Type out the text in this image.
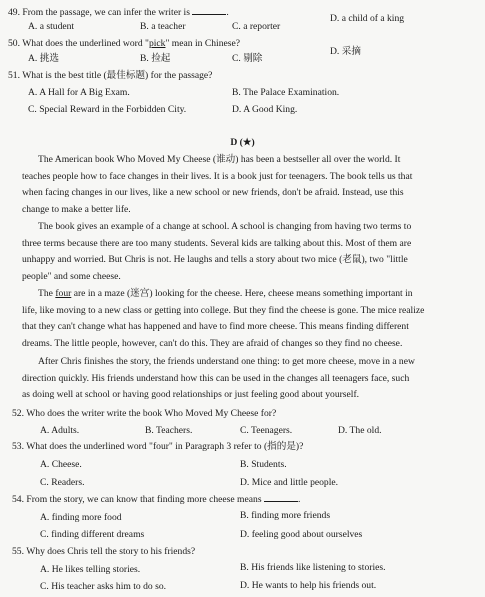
49. From the passage, we can infer the writer is	.
A. a student	B. a teacher	C. a reporter
D. a child of a king
50. What does the underlined word "pick" mean in Chinese?
A. 挑选	B. 捡起	C. 剔除
D. 采摘
51. What is the best title (最佳标题) for the passage?
A. A Hall for A Big Exam.	B. The Palace Examination.
C. Special Reward in the Forbidden City.	D. A Good King.
D (★)
The American book Who Moved My Cheese (谁动) has been a bestseller all over the world. It
teaches people how to face changes in their lives. It is a book just for teenagers. The book tells us that
when facing changes in our lives, like a new school or new friends, don't be afraid. Instead, use this
change to make a better life.
The book gives an example of a change at school. A school is changing from having two terms to
three terms because there are too many students. Several kids are talking about this. Most of them are
unhappy and worried. But Chris is not. He laughs and tells a story about two mice (老鼠), two "little
people" and some cheese.
The four are in a maze (迷宫) looking for the cheese. Here, cheese means something important in
life, like moving to a new class or getting into college. But they find the cheese is gone. The mice realize
that they can't change what has happened and have to find more cheese. This means finding different
dreams. The little people, however, can't do this. They are afraid of changes so they find no cheese.
After Chris finishes the story, the friends understand one thing: to get more cheese, move in a new
direction quickly. His friends understand how this can be used in the changes all teenagers face, such
as doing well at school or having good relationships or just feeling good about yourself.
52. Who does the writer write the book Who Moved My Cheese for?
A. Adults.	B. Teachers.	C. Teenagers.	D. The old.
53. What does the underlined word "four" in Paragraph 3 refer to (指的是)?
A. Cheese.	B. Students.
C. Readers.	D. Mice and little people.
54. From the story, we can know that finding more cheese means	.
A. finding more food	B. finding more friends
C. finding different dreams	D. feeling good about ourselves
55. Why does Chris tell the story to his friends?
A. He likes telling stories.	B. His friends like listening to stories.
C. His teacher asks him to do so.	D. He wants to help his friends out.
